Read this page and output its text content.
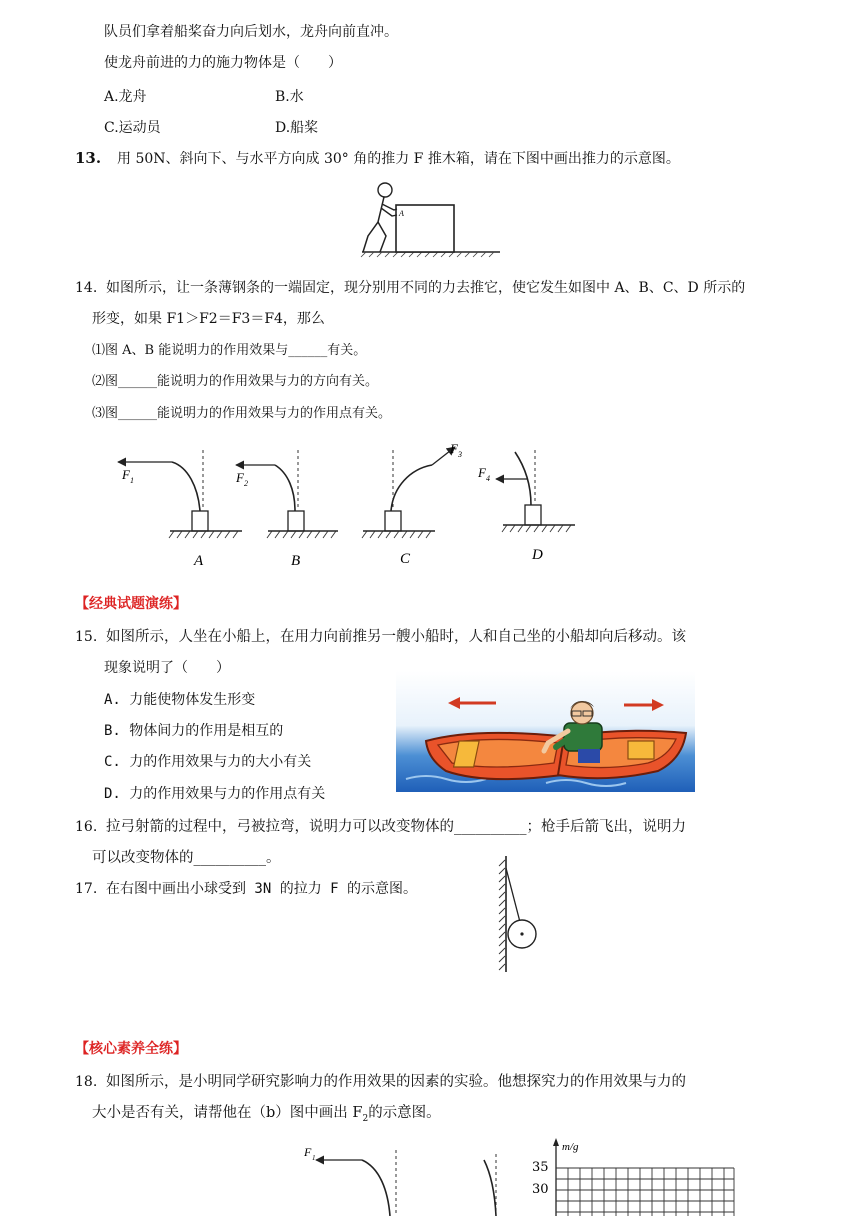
队员们拿着船桨奋力向后划水，龙舟向前直冲。
使龙舟前进的力的施力物体是（　　）
A.龙舟	B.水
C.运动员	D.船桨
13. 用 50N、斜向下、与水平方向成 30° 角的推力 F 推木箱，请在下图中画出推力的示意图。
A
14. 如图所示，让一条薄钢条的一端固定，现分别用不同的力去推它，使它发生如图中 A、B、C、D 所示的
形变，如果 F1＞F2＝F3＝F4，那么
⑴图 A、B 能说明力的作用效果与______有关。
⑵图______能说明力的作用效果与力的方向有关。
⑶图______能说明力的作用效果与力的作用点有关。
F 1
A
F 2
B
F 3
C
F 4
D
【经典试题演练】
15. 如图所示，人坐在小船上，在用力向前推另一艘小船时，人和自己坐的小船却向后移动。该
现象说明了（　　）
A. 力能使物体发生形变
B. 物体间力的作用是相互的
C. 力的作用效果与力的大小有关
D. 力的作用效果与力的作用点有关
16. 拉弓射箭的过程中，弓被拉弯，说明力可以改变物体的__________；枪手后箭飞出，说明力
可以改变物体的__________。
17. 在右图中画出小球受到 3N 的拉力 F 的示意图。
【核心素养全练】
18. 如图所示，是小明同学研究影响力的作用效果的因素的实验。他想探究力的作用效果与力的
大小是否有关，请帮他在（b）图中画出 $F_2$的示意图。
F 1
m/g
35
30
